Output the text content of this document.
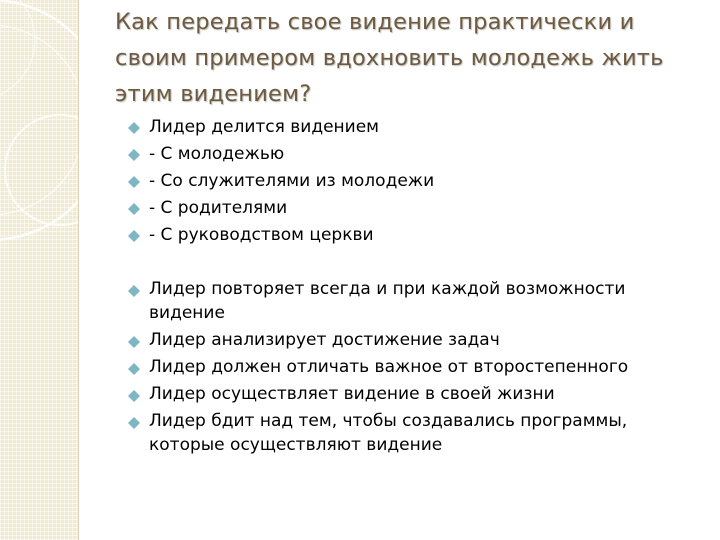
Как передать свое видение практически и своим примером вдохновить молодежь жить этим видением?
Лидер делится видением
- С молодежью
- Со служителями из молодежи
- С родителями
- С руководством церкви
Лидер повторяет всегда и при каждой возможности видение
Лидер анализирует достижение задач
Лидер должен отличать важное от второстепенного
Лидер осуществляет видение в своей жизни
Лидер бдит над тем, чтобы создавались программы, которые осуществляют видение
